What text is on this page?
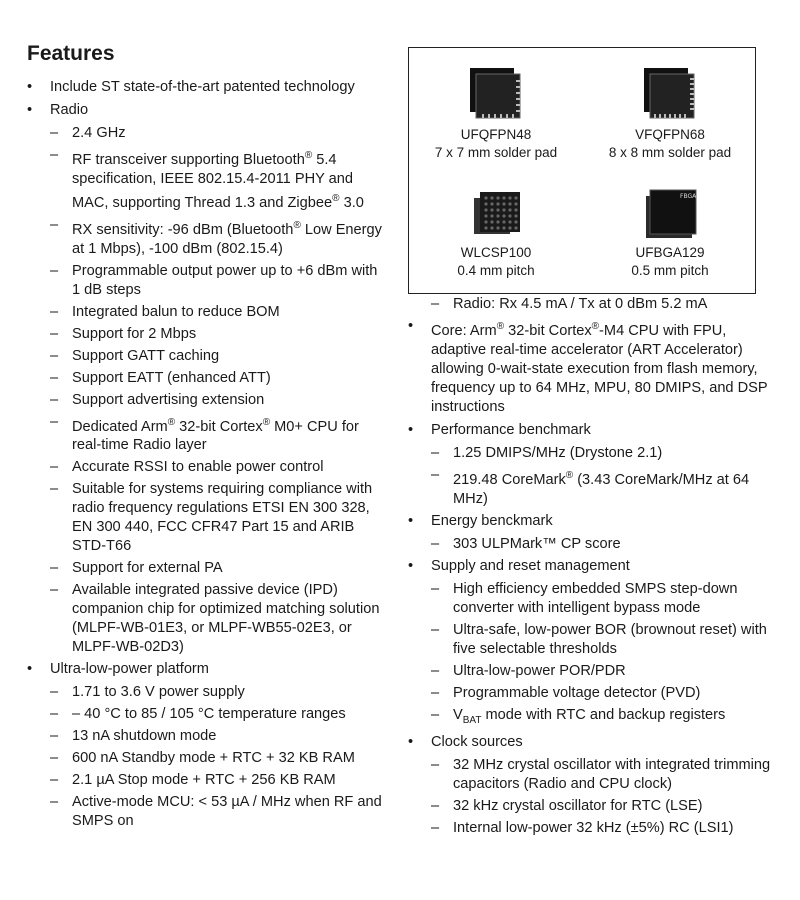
Features
• Include ST state-of-the-art patented technology
• Radio
– 2.4 GHz
– RF transceiver supporting Bluetooth® 5.4 specification, IEEE 802.15.4-2011 PHY and MAC, supporting Thread 1.3 and Zigbee® 3.0
– RX sensitivity: -96 dBm (Bluetooth® Low Energy at 1 Mbps), -100 dBm (802.15.4)
– Programmable output power up to +6 dBm with 1 dB steps
– Integrated balun to reduce BOM
– Support for 2 Mbps
– Support GATT caching
– Support EATT (enhanced ATT)
– Support advertising extension
– Dedicated Arm® 32-bit Cortex® M0+ CPU for real-time Radio layer
– Accurate RSSI to enable power control
– Suitable for systems requiring compliance with radio frequency regulations ETSI EN 300 328, EN 300 440, FCC CFR47 Part 15 and ARIB STD-T66
– Support for external PA
– Available integrated passive device (IPD) companion chip for optimized matching solution (MLPF-WB-01E3, or MLPF-WB55-02E3, or MLPF-WB-02D3)
• Ultra-low-power platform
– 1.71 to 3.6 V power supply
– – 40 °C to 85 / 105 °C temperature ranges
– 13 nA shutdown mode
– 600 nA Standby mode + RTC + 32 KB RAM
– 2.1 µA Stop mode + RTC + 256 KB RAM
– Active-mode MCU: < 53 µA / MHz when RF and SMPS on
UFQFPN48
7 x 7 mm solder pad
VFQFPN68
8 x 8 mm solder pad
WLCSP100
0.4 mm pitch
FBGA
UFBGA129
0.5 mm pitch
– Radio: Rx 4.5 mA / Tx at 0 dBm 5.2 mA
• Core: Arm® 32-bit Cortex®-M4 CPU with FPU, adaptive real-time accelerator (ART Accelerator) allowing 0-wait-state execution from flash memory, frequency up to 64 MHz, MPU, 80 DMIPS, and DSP instructions
• Performance benchmark
– 1.25 DMIPS/MHz (Drystone 2.1)
– 219.48 CoreMark® (3.43 CoreMark/MHz at 64 MHz)
• Energy benckmark
– 303 ULPMark™ CP score
• Supply and reset management
– High efficiency embedded SMPS step-down converter with intelligent bypass mode
– Ultra-safe, low-power BOR (brownout reset) with five selectable thresholds
– Ultra-low-power POR/PDR
– Programmable voltage detector (PVD)
– $V_{BAT}$ mode with RTC and backup registers
• Clock sources
– 32 MHz crystal oscillator with integrated trimming capacitors (Radio and CPU clock)
– 32 kHz crystal oscillator for RTC (LSE)
– Internal low-power 32 kHz (±5%) RC (LSI1)
